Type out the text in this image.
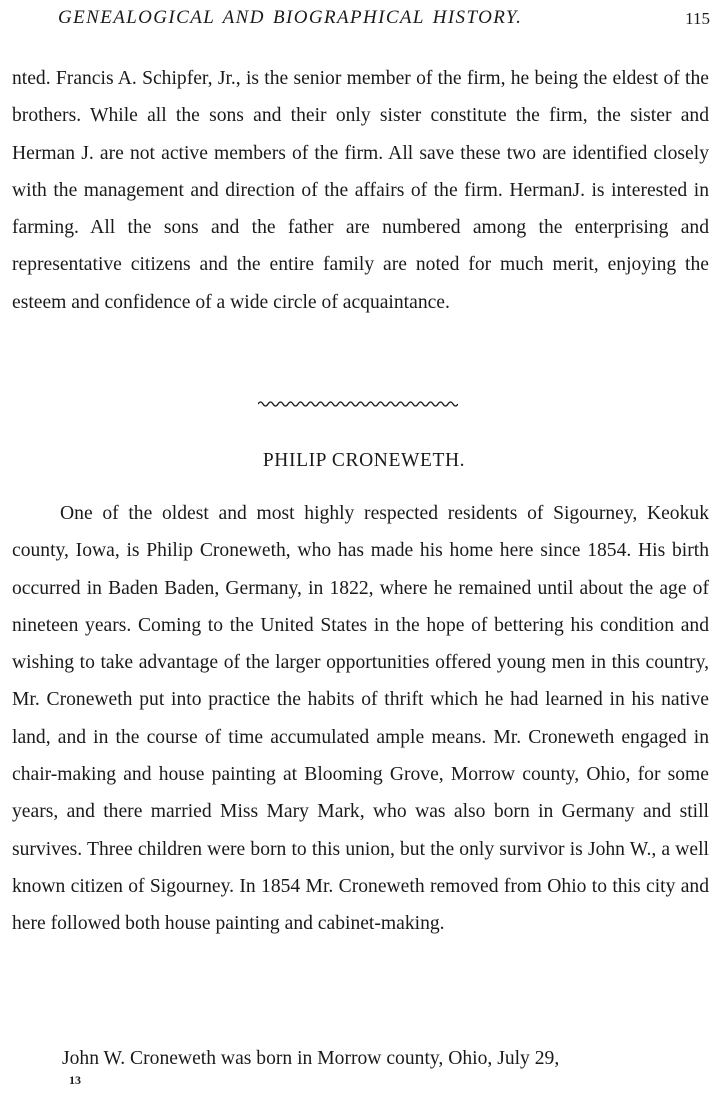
GENEALOGICAL AND BIOGRAPHICAL HISTORY.	115

nted. Francis A. Schipfer, Jr., is the senior member of the firm, he being the eldest of the brothers. While all the sons and their only sister constitute the firm, the sister and Herman J. are not active members of the firm. All save these two are identified closely with the management and direction of the affairs of the firm. HermanJ. is interested in farming. All the sons and the father are numbered among the enterprising and representative citizens and the entire family are noted for much merit, enjoying the esteem and confidence of a wide circle of acquaintance.

PHILIP CRONEWETH.

One of the oldest and most highly respected residents of Sigourney, Keokuk county, Iowa, is Philip Croneweth, who has made his home here since 1854. His birth occurred in Baden Baden, Germany, in 1822, where he remained until about the age of nineteen years. Coming to the United States in the hope of bettering his condition and wishing to take advantage of the larger opportunities offered young men in this country, Mr. Croneweth put into practice the habits of thrift which he had learned in his native land, and in the course of time accumulated ample means. Mr. Croneweth engaged in chair-making and house painting at Blooming Grove, Morrow county, Ohio, for some years, and there married Miss Mary Mark, who was also born in Germany and still survives. Three children were born to this union, but the only survivor is John W., a well known citizen of Sigourney. In 1854 Mr. Croneweth removed from Ohio to this city and here followed both house painting and cabinet-making.

John W. Croneweth was born in Morrow county, Ohio, July 29,

13
